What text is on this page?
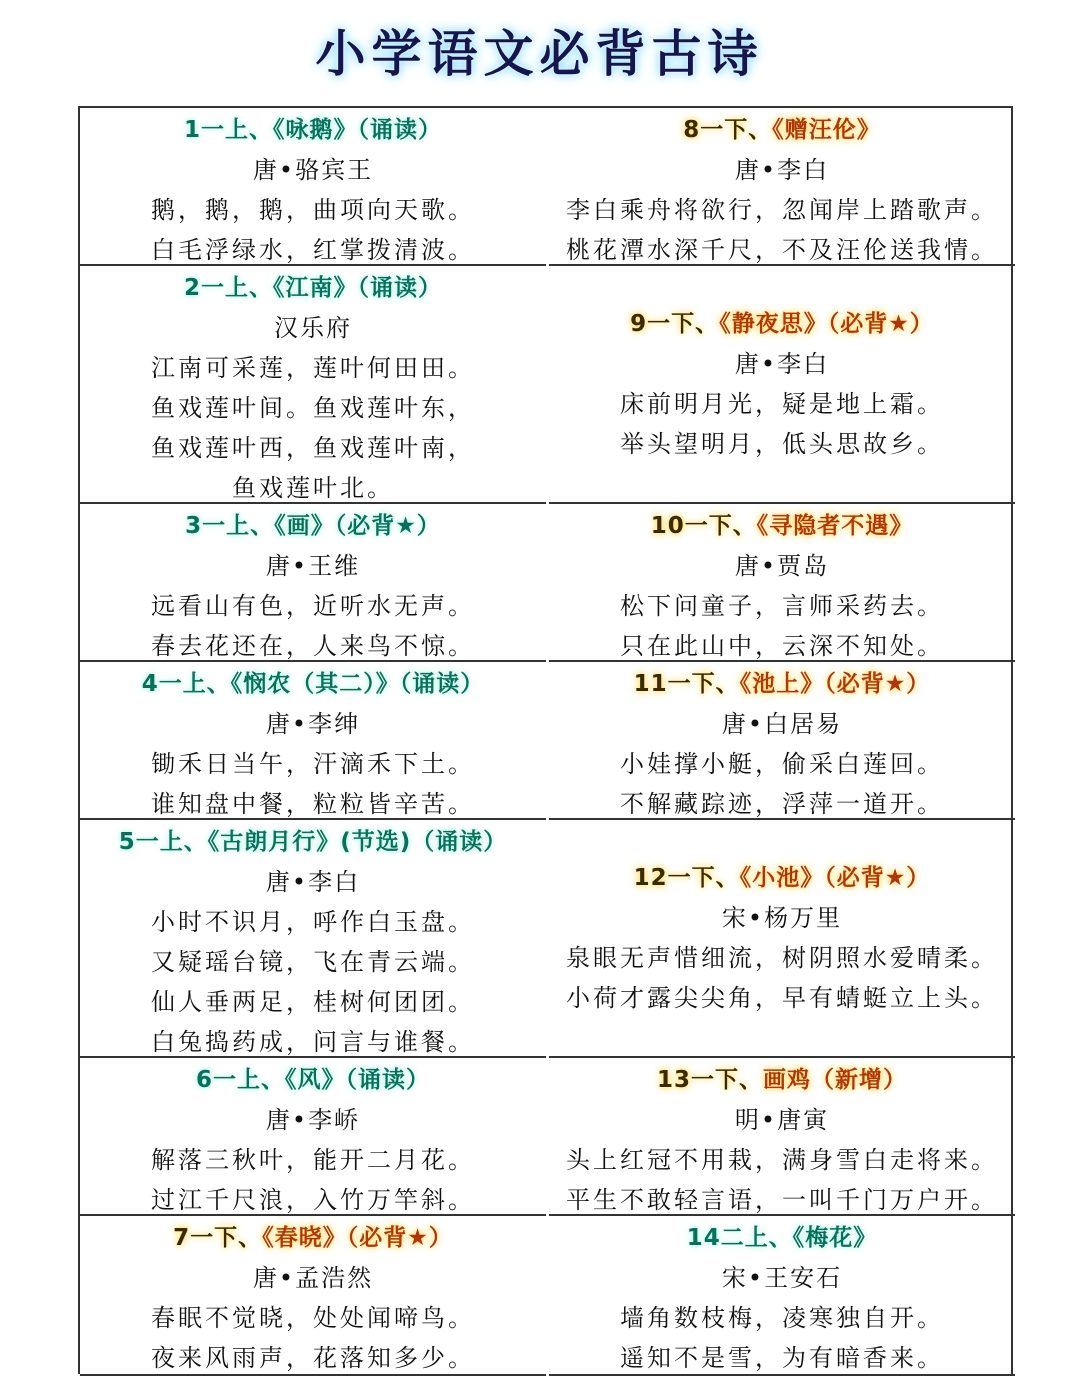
小学语文必背古诗
1一上、《咏鹅》（诵读）
唐•骆宾王
鹅，鹅，鹅，曲项向天歌。
白毛浮绿水，红掌拨清波。
2一上、《江南》（诵读）
汉乐府
江南可采莲，莲叶何田田。
鱼戏莲叶间。鱼戏莲叶东，
鱼戏莲叶西，鱼戏莲叶南，
鱼戏莲叶北。
3一上、《画》（必背★）
唐•王维
远看山有色，近听水无声。
春去花还在，人来鸟不惊。
4一上、《悯农（其二）》（诵读）
唐•李绅
锄禾日当午，汗滴禾下土。
谁知盘中餐，粒粒皆辛苦。
5一上、《古朗月行》(节选)（诵读）
唐•李白
小时不识月，呼作白玉盘。
又疑瑶台镜，飞在青云端。
仙人垂两足，桂树何团团。
白兔捣药成，问言与谁餐。
6一上、《风》（诵读）
唐•李峤
解落三秋叶，能开二月花。
过江千尺浪，入竹万竿斜。
7一下、《春晓》（必背★）
唐•孟浩然
春眠不觉晓，处处闻啼鸟。
夜来风雨声，花落知多少。
8一下、《赠汪伦》
唐•李白
李白乘舟将欲行，忽闻岸上踏歌声。
桃花潭水深千尺，不及汪伦送我情。
9一下、《静夜思》（必背★）
唐•李白
床前明月光，疑是地上霜。
举头望明月，低头思故乡。
10一下、《寻隐者不遇》
唐•贾岛
松下问童子，言师采药去。
只在此山中，云深不知处。
11一下、《池上》（必背★）
唐•白居易
小娃撑小艇，偷采白莲回。
不解藏踪迹，浮萍一道开。
12一下、《小池》（必背★）
宋•杨万里
泉眼无声惜细流，树阴照水爱晴柔。
小荷才露尖尖角，早有蜻蜓立上头。
13一下、画鸡（新增）
明•唐寅
头上红冠不用栽，满身雪白走将来。
平生不敢轻言语，一叫千门万户开。
14二上、《梅花》
宋•王安石
墙角数枝梅，凌寒独自开。
遥知不是雪，为有暗香来。
